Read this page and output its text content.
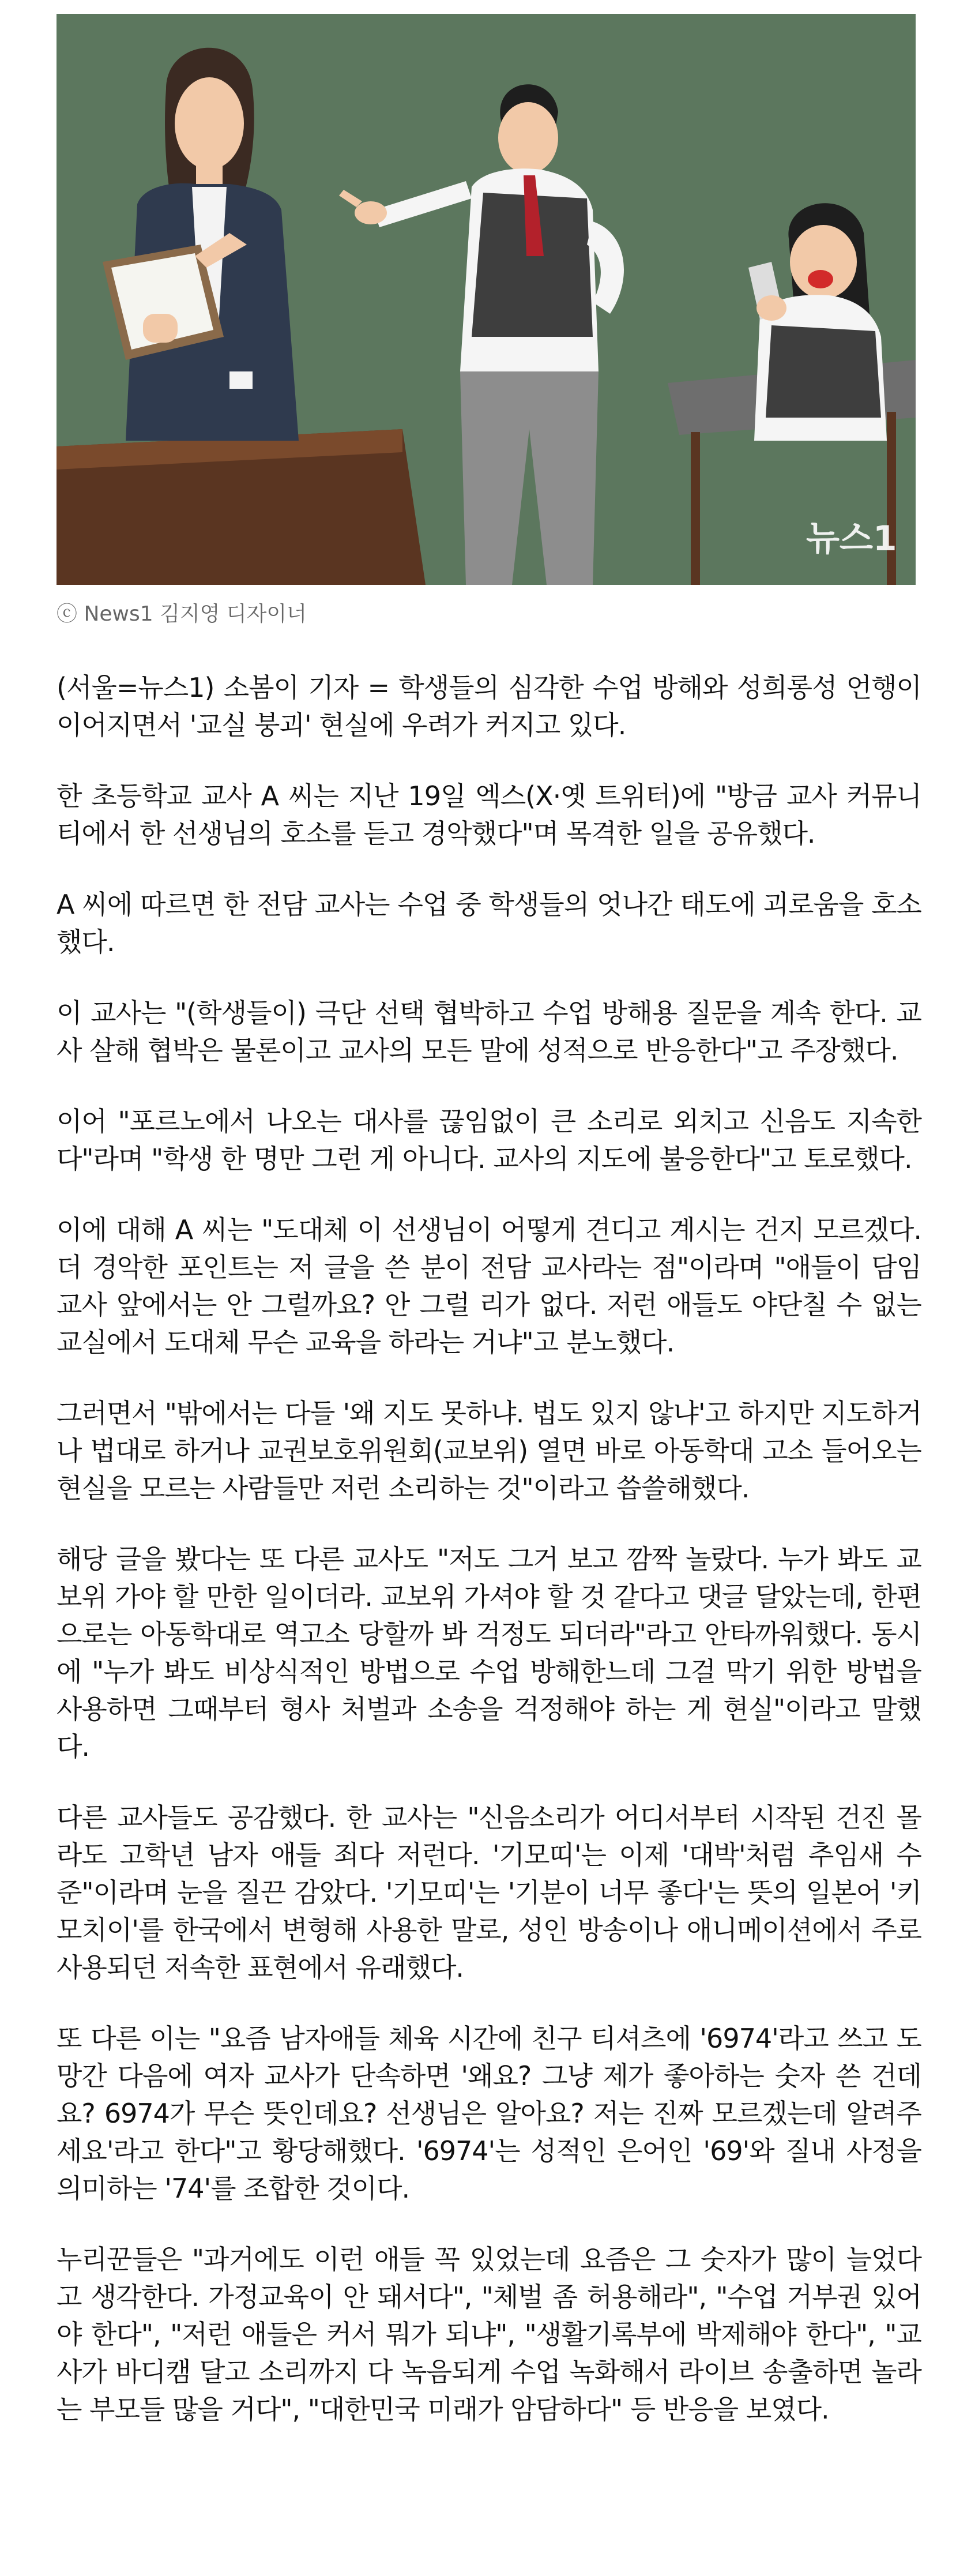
뉴스1
ⓒ News1 김지영 디자이너

(서울=뉴스1) 소봄이 기자 = 학생들의 심각한 수업 방해와 성희롱성 언행이 이어지면서 '교실 붕괴' 현실에 우려가 커지고 있다.

한 초등학교 교사 A 씨는 지난 19일 엑스(X·옛 트위터)에 "방금 교사 커뮤니티에서 한 선생님의 호소를 듣고 경악했다"며 목격한 일을 공유했다.

A 씨에 따르면 한 전담 교사는 수업 중 학생들의 엇나간 태도에 괴로움을 호소했다.

이 교사는 "(학생들이) 극단 선택 협박하고 수업 방해용 질문을 계속 한다. 교사 살해 협박은 물론이고 교사의 모든 말에 성적으로 반응한다"고 주장했다.

이어 "포르노에서 나오는 대사를 끊임없이 큰 소리로 외치고 신음도 지속한다"라며 "학생 한 명만 그런 게 아니다. 교사의 지도에 불응한다"고 토로했다.

이에 대해 A 씨는 "도대체 이 선생님이 어떻게 견디고 계시는 건지 모르겠다. 더 경악한 포인트는 저 글을 쓴 분이 전담 교사라는 점"이라며 "애들이 담임 교사 앞에서는 안 그럴까요? 안 그럴 리가 없다. 저런 애들도 야단칠 수 없는 교실에서 도대체 무슨 교육을 하라는 거냐"고 분노했다.

그러면서 "밖에서는 다들 '왜 지도 못하냐. 법도 있지 않냐'고 하지만 지도하거나 법대로 하거나 교권보호위원회(교보위) 열면 바로 아동학대 고소 들어오는 현실을 모르는 사람들만 저런 소리하는 것"이라고 씁쓸해했다.

해당 글을 봤다는 또 다른 교사도 "저도 그거 보고 깜짝 놀랐다. 누가 봐도 교보위 가야 할 만한 일이더라. 교보위 가셔야 할 것 같다고 댓글 달았는데, 한편으로는 아동학대로 역고소 당할까 봐 걱정도 되더라"라고 안타까워했다. 동시에 "누가 봐도 비상식적인 방법으로 수업 방해한느데 그걸 막기 위한 방법을 사용하면 그때부터 형사 처벌과 소송을 걱정해야 하는 게 현실"이라고 말했다.

다른 교사들도 공감했다. 한 교사는 "신음소리가 어디서부터 시작된 건진 몰라도 고학년 남자 애들 죄다 저런다. '기모띠'는 이제 '대박'처럼 추임새 수준"이라며 눈을 질끈 감았다. '기모띠'는 '기분이 너무 좋다'는 뜻의 일본어 '키모치이'를 한국에서 변형해 사용한 말로, 성인 방송이나 애니메이션에서 주로 사용되던 저속한 표현에서 유래했다.

또 다른 이는 "요즘 남자애들 체육 시간에 친구 티셔츠에 '6974'라고 쓰고 도망간 다음에 여자 교사가 단속하면 '왜요? 그냥 제가 좋아하는 숫자 쓴 건데요? 6974가 무슨 뜻인데요? 선생님은 알아요? 저는 진짜 모르겠는데 알려주세요'라고 한다"고 황당해했다. '6974'는 성적인 은어인 '69'와 질내 사정을 의미하는 '74'를 조합한 것이다.

누리꾼들은 "과거에도 이런 애들 꼭 있었는데 요즘은 그 숫자가 많이 늘었다고 생각한다. 가정교육이 안 돼서다", "체벌 좀 허용해라", "수업 거부권 있어야 한다", "저런 애들은 커서 뭐가 되냐", "생활기록부에 박제해야 한다", "교사가 바디캠 달고 소리까지 다 녹음되게 수업 녹화해서 라이브 송출하면 놀라는 부모들 많을 거다", "대한민국 미래가 암담하다" 등 반응을 보였다.
